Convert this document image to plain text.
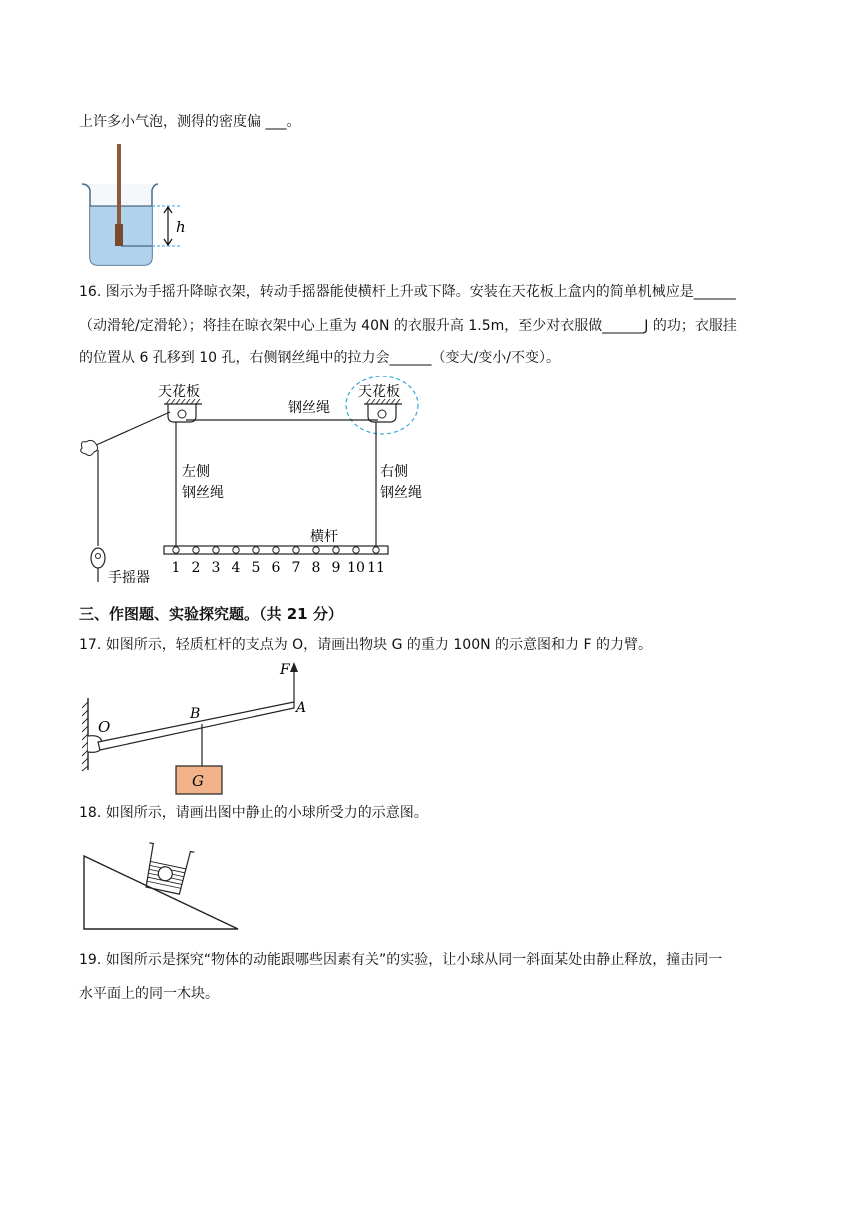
上许多小气泡，测得的密度偏 ___。
h
16. 图示为手摇升降晾衣架，转动手摇器能使横杆上升或下降。安装在天花板上盒内的简单机械应是______
（动滑轮/定滑轮）；将挂在晾衣架中心上重为 40N 的衣服升高 1.5m，至少对衣服做______J 的功；衣服挂
的位置从 6 孔移到 10 孔，右侧钢丝绳中的拉力会______（变大/变小/不变）。
天花板	天花板
钢丝绳
左侧
钢丝绳
右侧
钢丝绳
手摇器
横杆
1 2 3 4 5 6 7 8 9 10 11
三、作图题、实验探究题。（共 21 分）
17. 如图所示，轻质杠杆的支点为 O，请画出物块 G 的重力 100N 的示意图和力 F 的力臂。
O
B	A
F
G
18. 如图所示，请画出图中静止的小球所受力的示意图。
19. 如图所示是探究“物体的动能跟哪些因素有关”的实验，让小球从同一斜面某处由静止释放，撞击同一
水平面上的同一木块。
